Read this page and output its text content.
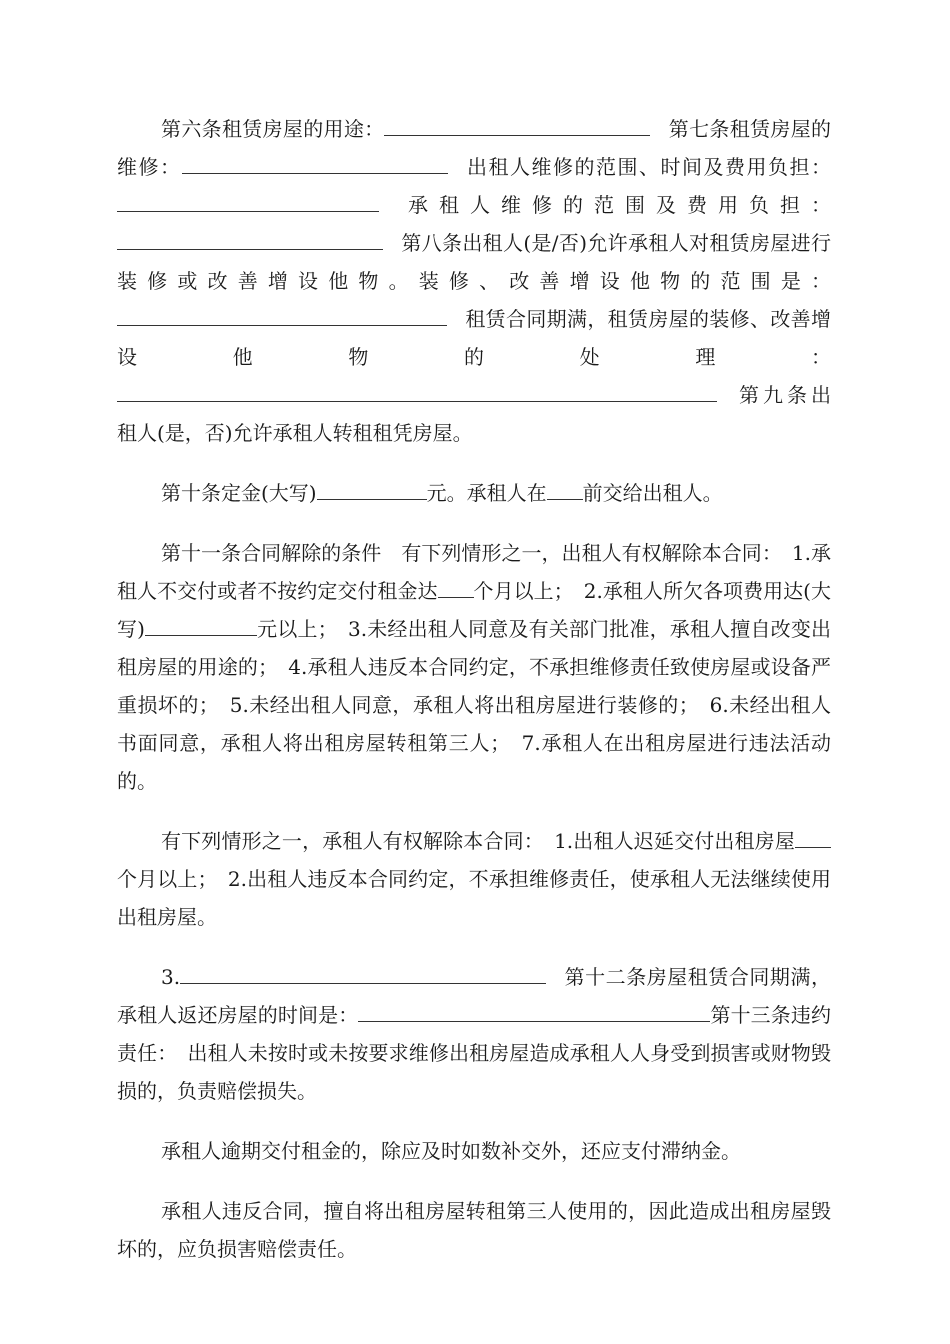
第六条租赁房屋的用途：	第七条租赁房屋的维修：	出租人维修的范围、时间及费用负担：承租人维修的范围及费用负担：第八条出租人(是/否)允许承租人对租赁房屋进行装修或改善增设他物。装修、改善增设他物的范围是：租赁合同期满，租赁房屋的装修、改善增设他物的处理：第九条出租人(是，否)允许承租人转租租凭房屋。

第十条定金(大写)	元。承租人在 前交给出租人。

第十一条合同解除的条件　有下列情形之一，出租人有权解除本合同：　1.承租人不交付或者不按约定交付租金达 个月以上；　2.承租人所欠各项费用达(大写)	元以上；　3.未经出租人同意及有关部门批准，承租人擅自改变出租房屋的用途的；　4.承租人违反本合同约定，不承担维修责任致使房屋或设备严重损坏的；　5.未经出租人同意，承租人将出租房屋进行装修的；　6.未经出租人书面同意，承租人将出租房屋转租第三人；　7.承租人在出租房屋进行违法活动的。

有下列情形之一，承租人有权解除本合同：　1.出租人迟延交付出租房屋个月以上；　2.出租人违反本合同约定，不承担维修责任，使承租人无法继续使用出租房屋。

3.	第十二条房屋租赁合同期满，承租人返还房屋的时间是：	第十三条违约责任：　出租人未按时或未按要求维修出租房屋造成承租人人身受到损害或财物毁损的，负责赔偿损失。

承租人逾期交付租金的，除应及时如数补交外，还应支付滞纳金。

承租人违反合同，擅自将出租房屋转租第三人使用的，因此造成出租房屋毁坏的，应负损害赔偿责任。
